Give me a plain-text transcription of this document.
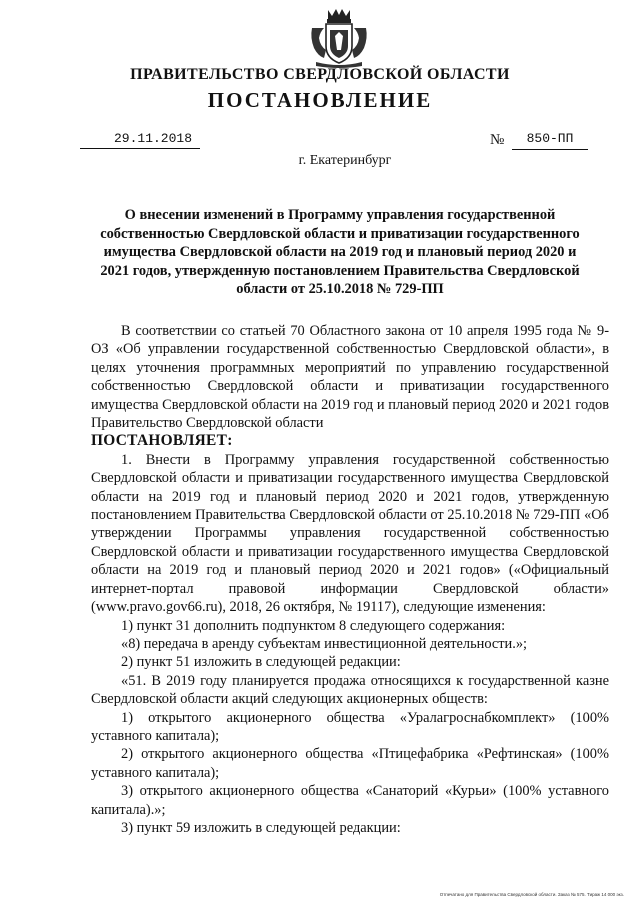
ПРАВИТЕЛЬСТВО СВЕРДЛОВСКОЙ ОБЛАСТИ
ПОСТАНОВЛЕНИЕ
29.11.2018	№	850-ПП
г. Екатеринбург
О внесении изменений в Программу управления государственной собственностью Свердловской области и приватизации государственного имущества Свердловской области на 2019 год и плановый период 2020 и 2021 годов, утвержденную постановлением Правительства Свердловской области от 25.10.2018 № 729-ПП

В соответствии со статьей 70 Областного закона от 10 апреля 1995 года № 9-ОЗ «Об управлении государственной собственностью Свердловской области», в целях уточнения программных мероприятий по управлению государственной собственностью Свердловской области и приватизации государственного имущества Свердловской области на 2019 год и плановый период 2020 и 2021 годов Правительство Свердловской области

ПОСТАНОВЛЯЕТ:

1. Внести в Программу управления государственной собственностью Свердловской области и приватизации государственного имущества Свердловской области на 2019 год и плановый период 2020 и 2021 годов, утвержденную постановлением Правительства Свердловской области от 25.10.2018 № 729-ПП «Об утверждении Программы управления государственной собственностью Свердловской области и приватизации государственного имущества Свердловской области на 2019 год и плановый период 2020 и 2021 годов» («Официальный интернет-портал правовой информации Свердловской области» (www.pravo.gov66.ru), 2018, 26 октября, № 19117), следующие изменения:

1) пункт 31 дополнить подпунктом 8 следующего содержания:

«8) передача в аренду субъектам инвестиционной деятельности.»;

2) пункт 51 изложить в следующей редакции:

«51. В 2019 году планируется продажа относящихся к государственной казне Свердловской области акций следующих акционерных обществ:

1) открытого акционерного общества «Уралагроснабкомплект» (100% уставного капитала);

2) открытого акционерного общества «Птицефабрика «Рефтинская» (100% уставного капитала);

3) открытого акционерного общества «Санаторий «Курьи» (100% уставного капитала).»;

3) пункт 59 изложить в следующей редакции:

Отпечатано для Правительства Свердловской области. Заказ № 575. Тираж 14 000 экз.
